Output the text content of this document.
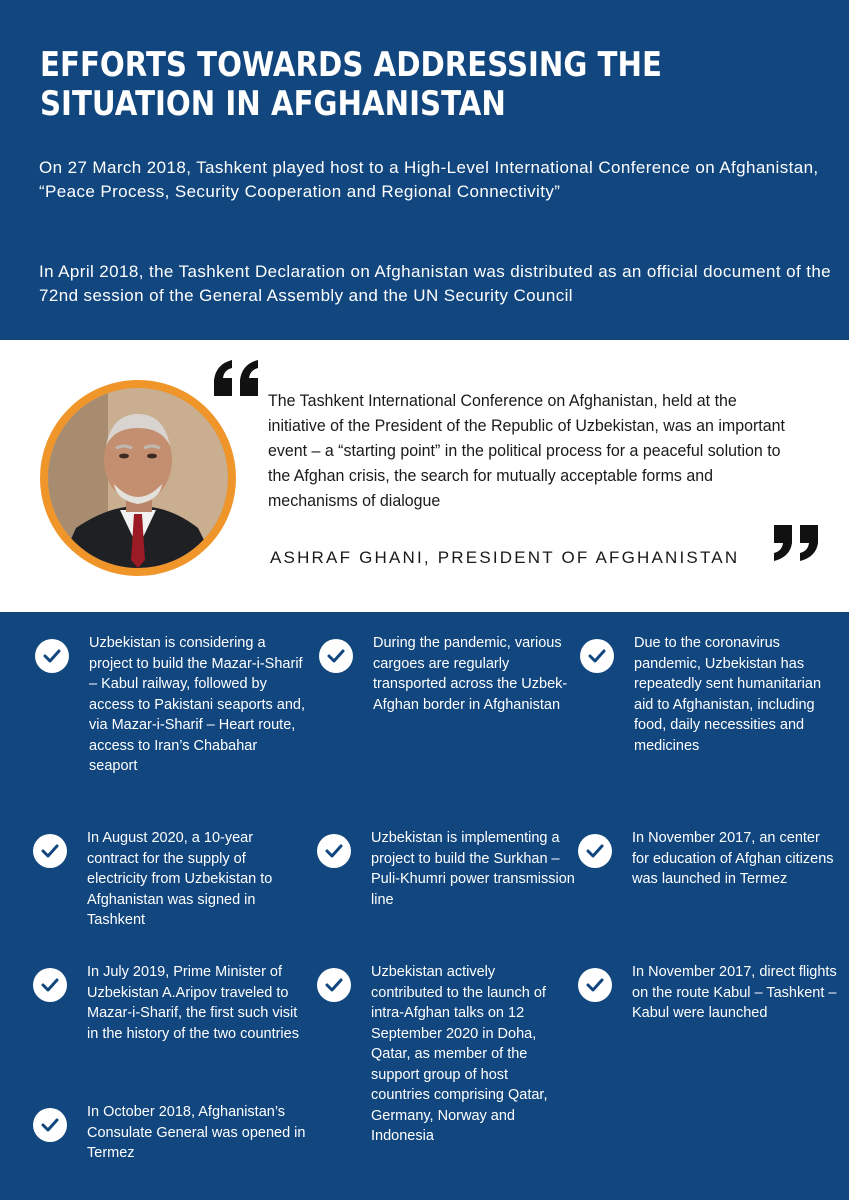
EFFORTS TOWARDS ADDRESSING THE SITUATION IN AFGHANISTAN

On 27 March 2018, Tashkent played host to a High-Level International Conference on Afghanistan, “Peace Process, Security Cooperation and Regional Connectivity”

In April 2018, the Tashkent Declaration on Afghanistan was distributed as an official document of the 72nd session of the General Assembly and the UN Security Council

The Tashkent International Conference on Afghanistan, held at the initiative of the President of the Republic of Uzbekistan, was an important event – a “starting point” in the political process for a peaceful solution to the Afghan crisis, the search for mutually acceptable forms and mechanisms of dialogue

ASHRAF GHANI, PRESIDENT OF AFGHANISTAN

Uzbekistan is considering a project to build the Mazar-i-Sharif – Kabul railway, followed by access to Pakistani seaports and, via Mazar-i-Sharif – Heart route, access to Iran’s Chabahar seaport

During the pandemic, various cargoes are regularly transported across the Uzbek-Afghan border in Afghanistan

Due to the coronavirus pandemic, Uzbekistan has repeatedly sent humanitarian aid to Afghanistan, including food, daily necessities and medicines

In August 2020, a 10-year contract for the supply of electricity from Uzbekistan to Afghanistan was signed in Tashkent

Uzbekistan is implementing a project to build the Surkhan – Puli-Khumri power transmission line

In November 2017, an center for education of Afghan citizens was launched in Termez

In July 2019, Prime Minister of Uzbekistan A.Aripov traveled to Mazar-i-Sharif, the first such visit in the history of the two countries

Uzbekistan actively contributed to the launch of intra-Afghan talks on 12 September 2020 in Doha, Qatar, as member of the support group of host countries comprising Qatar, Germany, Norway and Indonesia

In November 2017, direct flights on the route Kabul – Tashkent – Kabul were launched

In October 2018, Afghanistan’s Consulate General was opened in Termez
